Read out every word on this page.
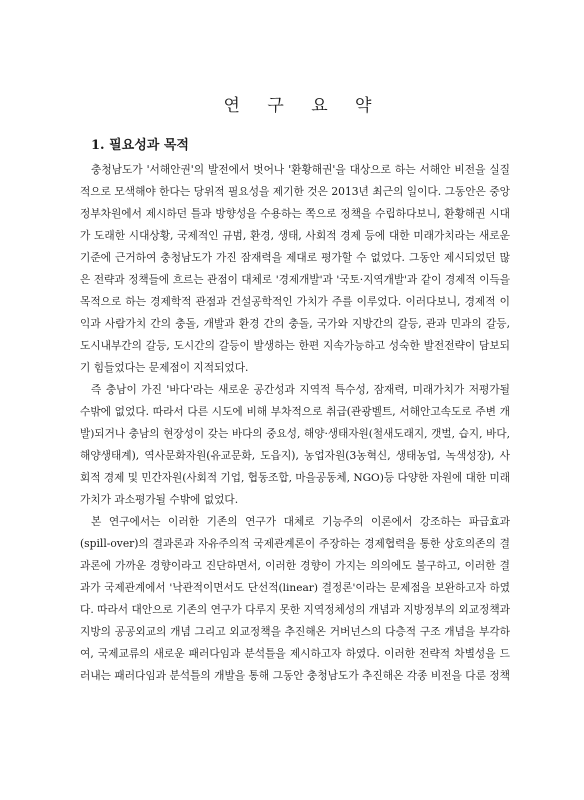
연 구 요 약
1. 필요성과 목적
충청남도가 '서해안권'의 발전에서 벗어나 '환황해권'을 대상으로 하는 서해안 비전을 실질
적으로 모색해야 한다는 당위적 필요성을 제기한 것은 2013년 최근의 일이다. 그동안은 중앙
정부차원에서 제시하던 틀과 방향성을 수용하는 쪽으로 정책을 수립하다보니, 환황해권 시대
가 도래한 시대상황, 국제적인 규범, 환경, 생태, 사회적 경제 등에 대한 미래가치라는 새로운
기준에 근거하여 충청남도가 가진 잠재력을 제대로 평가할 수 없었다. 그동안 제시되었던 많
은 전략과 정책들에 흐르는 관점이 대체로 '경제개발'과 '국토·지역개발'과 같이 경제적 이득을
목적으로 하는 경제학적 관점과 건설공학적인 가치가 주를 이루었다. 이러다보니, 경제적 이
익과 사람가치 간의 충돌, 개발과 환경 간의 충돌, 국가와 지방간의 갈등, 관과 민과의 갈등,
도시내부간의 갈등, 도시간의 갈등이 발생하는 한편 지속가능하고 성숙한 발전전략이 담보되
기 힘들었다는 문제점이 지적되었다.
즉 충남이 가진 '바다'라는 새로운 공간성과 지역적 특수성, 잠재력, 미래가치가 저평가될
수밖에 없었다. 따라서 다른 시도에 비해 부차적으로 취급(관광벨트, 서해안고속도로 주변 개
발)되거나 충남의 현장성이 갖는 바다의 중요성, 해양·생태자원(철새도래지, 갯벌, 습지, 바다,
해양생태계), 역사문화자원(유교문화, 도읍지), 농업자원(3농혁신, 생태농업, 녹색성장), 사
회적 경제 및 민간자원(사회적 기업, 협동조합, 마을공동체, NGO)등 다양한 자원에 대한 미래
가치가 과소평가될 수밖에 없었다.
본 연구에서는 이러한 기존의 연구가 대체로 기능주의 이론에서 강조하는 파급효과
(spill-over)의 결과론과 자유주의적 국제관계론이 주장하는 경제협력을 통한 상호의존의 결
과론에 가까운 경향이라고 진단하면서, 이러한 경향이 가지는 의의에도 불구하고, 이러한 결
과가 국제관계에서 '낙관적이면서도 단선적(linear) 결정론'이라는 문제점을 보완하고자 하였
다. 따라서 대안으로 기존의 연구가 다루지 못한 지역정체성의 개념과 지방정부의 외교정책과
지방의 공공외교의 개념 그리고 외교정책을 추진해온 거버넌스의 다층적 구조 개념을 부각하
여, 국제교류의 새로운 패러다임과 분석틀을 제시하고자 하였다. 이러한 전략적 차별성을 드
러내는 패러다임과 분석틀의 개발을 통해 그동안 충청남도가 추진해온 각종 비전을 다룬 정책
